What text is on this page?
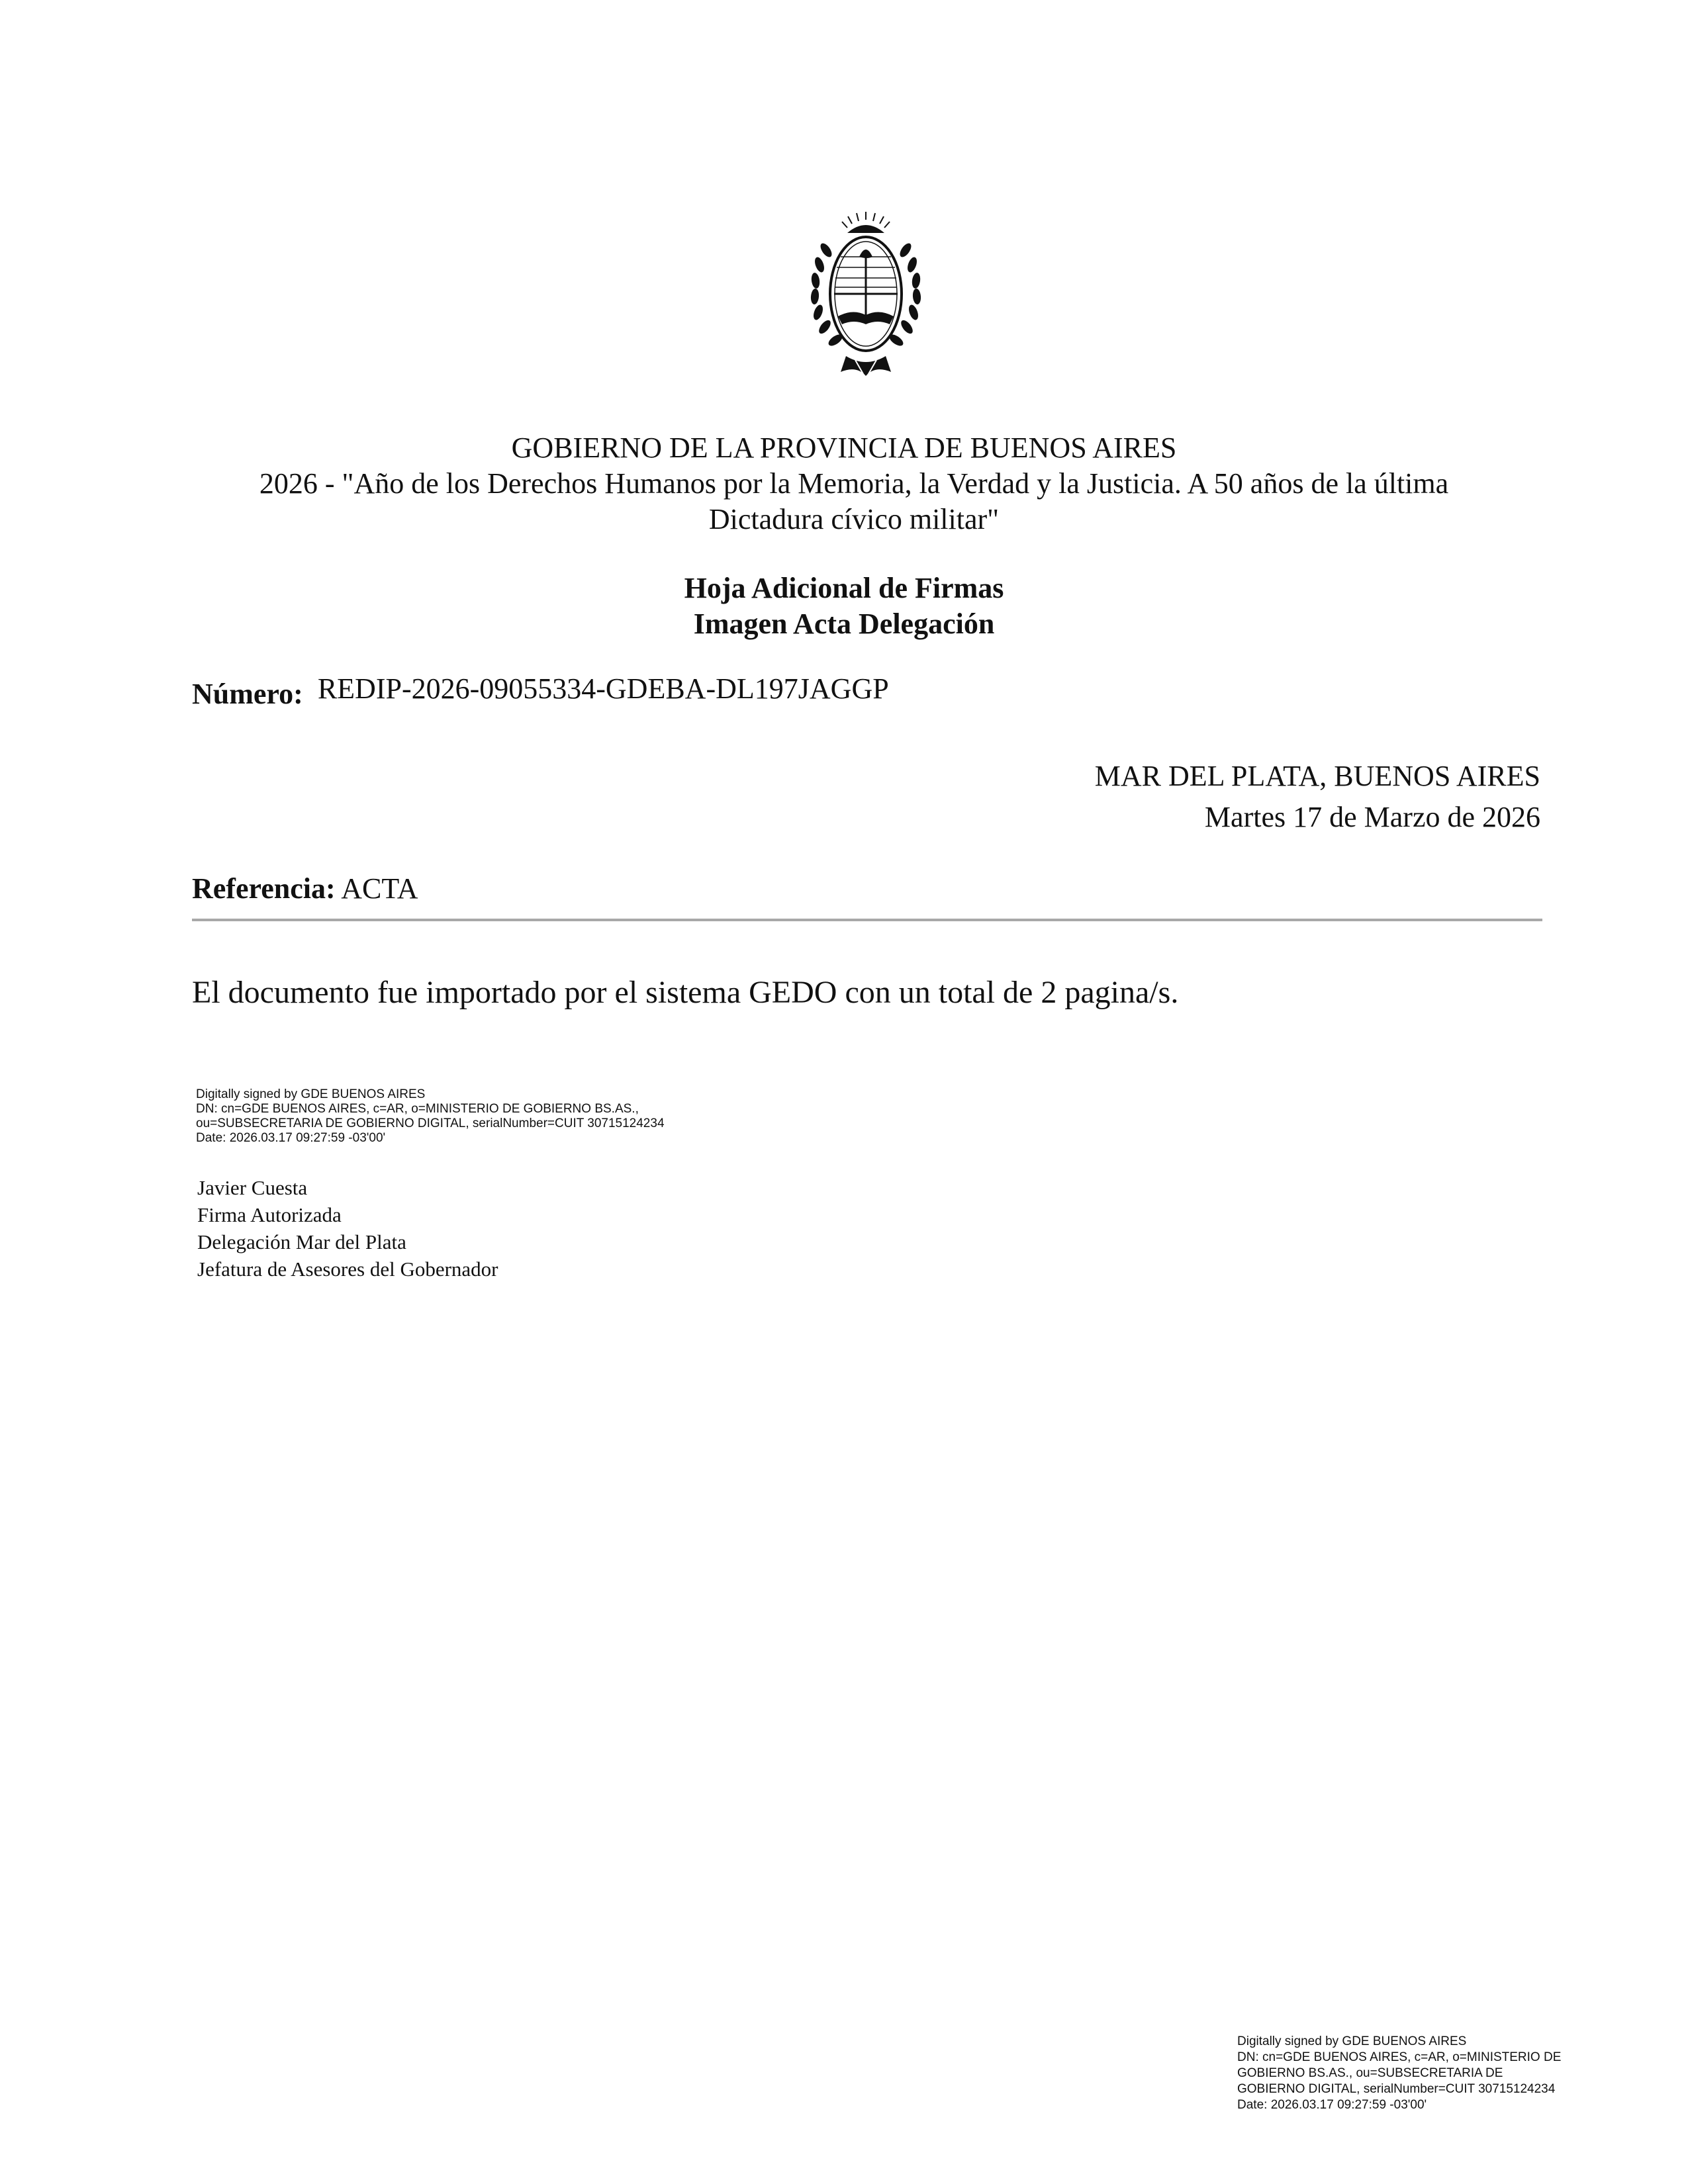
GOBIERNO DE LA PROVINCIA DE BUENOS AIRES
2026 - "Año de los Derechos Humanos por la Memoria, la Verdad y la Justicia. A 50 años de la última
Dictadura cívico militar"
Hoja Adicional de Firmas
Imagen Acta Delegación
Número: REDIP-2026-09055334-GDEBA-DL197JAGGP
MAR DEL PLATA, BUENOS AIRES
Martes 17 de Marzo de 2026
Referencia: ACTA
El documento fue importado por el sistema GEDO con un total de 2 pagina/s.
Digitally signed by GDE BUENOS AIRES
DN: cn=GDE BUENOS AIRES, c=AR, o=MINISTERIO DE GOBIERNO BS.AS.,
ou=SUBSECRETARIA DE GOBIERNO DIGITAL, serialNumber=CUIT 30715124234
Date: 2026.03.17 09:27:59 -03'00'
Javier Cuesta
Firma Autorizada
Delegación Mar del Plata
Jefatura de Asesores del Gobernador
Digitally signed by GDE BUENOS AIRES
DN: cn=GDE BUENOS AIRES, c=AR, o=MINISTERIO DE
GOBIERNO BS.AS., ou=SUBSECRETARIA DE
GOBIERNO DIGITAL, serialNumber=CUIT 30715124234
Date: 2026.03.17 09:27:59 -03'00'
